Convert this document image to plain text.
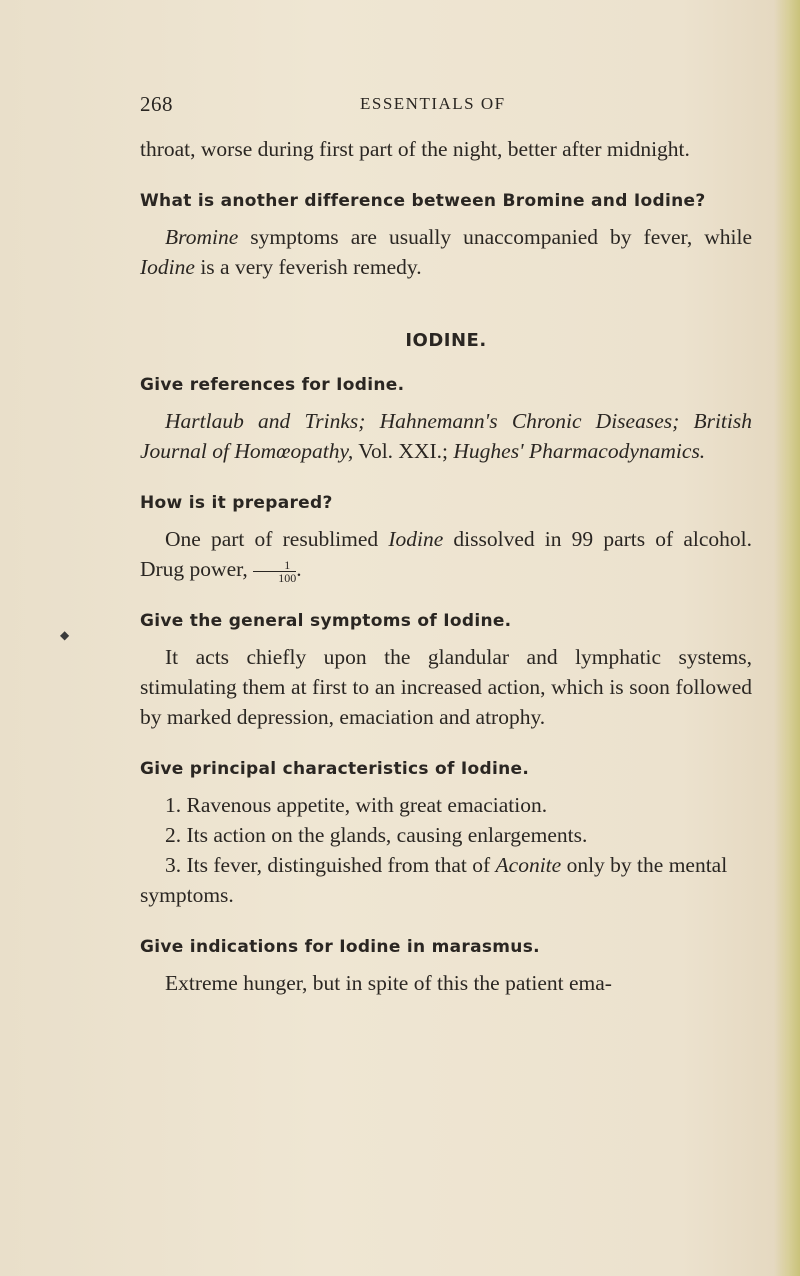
◆
268	ESSENTIALS OF

throat, worse during first part of the night, better after midnight.

What is another difference between Bromine and Iodine?

Bromine symptoms are usually unaccompanied by fever, while Iodine is a very feverish remedy.

IODINE.

Give references for Iodine.

Hartlaub and Trinks; Hahnemann's Chronic Diseases; British Journal of Homœopathy, Vol. XXI.; Hughes' Pharmacodynamics.

How is it prepared?

One part of resublimed Iodine dissolved in 99 parts of alcohol. Drug power, $\frac{1}{100}$ .

Give the general symptoms of Iodine.

It acts chiefly upon the glandular and lymphatic systems, stimulating them at first to an increased action, which is soon followed by marked depression, emaciation and atrophy.

Give principal characteristics of Iodine.

1. Ravenous appetite, with great emaciation.

2. Its action on the glands, causing enlargements.

3. Its fever, distinguished from that of Aconite only by the mental symptoms.

Give indications for Iodine in marasmus.

Extreme hunger, but in spite of this the patient ema-
